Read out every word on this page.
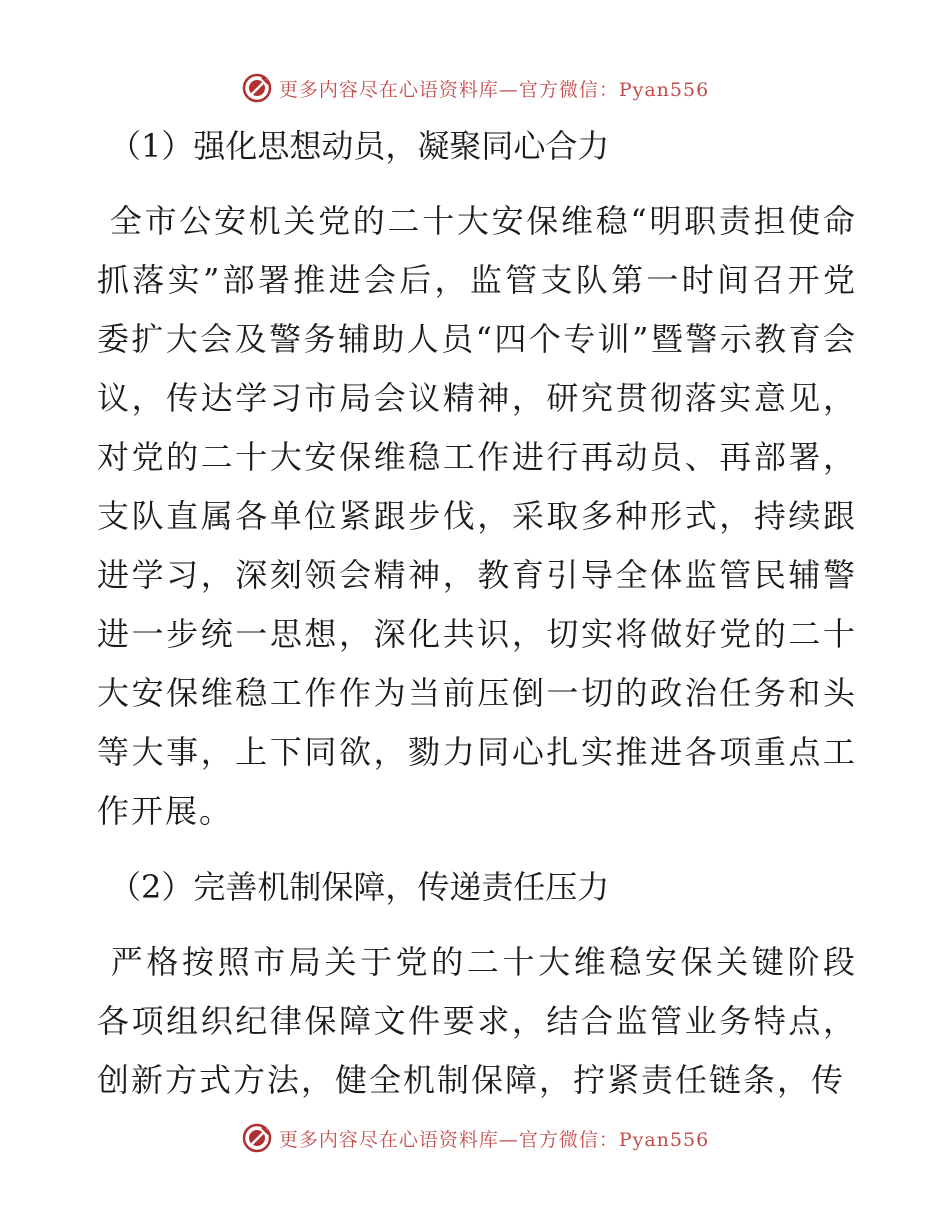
更多内容尽在心语资料库—官方微信：Pyan556
（1）强化思想动员，凝聚同心合力
全市公安机关党的二十大安保维稳“明职责担使命抓落实”部署推进会后，监管支队第一时间召开党委扩大会及警务辅助人员“四个专训”暨警示教育会议，传达学习市局会议精神，研究贯彻落实意见，对党的二十大安保维稳工作进行再动员、再部署，支队直属各单位紧跟步伐，采取多种形式，持续跟进学习，深刻领会精神，教育引导全体监管民辅警进一步统一思想，深化共识，切实将做好党的二十大安保维稳工作作为当前压倒一切的政治任务和头等大事，上下同欲，勠力同心扎实推进各项重点工作开展。
（2）完善机制保障，传递责任压力
严格按照市局关于党的二十大维稳安保关键阶段各项组织纪律保障文件要求，结合监管业务特点，创新方式方法，健全机制保障，拧紧责任链条，传
更多内容尽在心语资料库—官方微信：Pyan556
